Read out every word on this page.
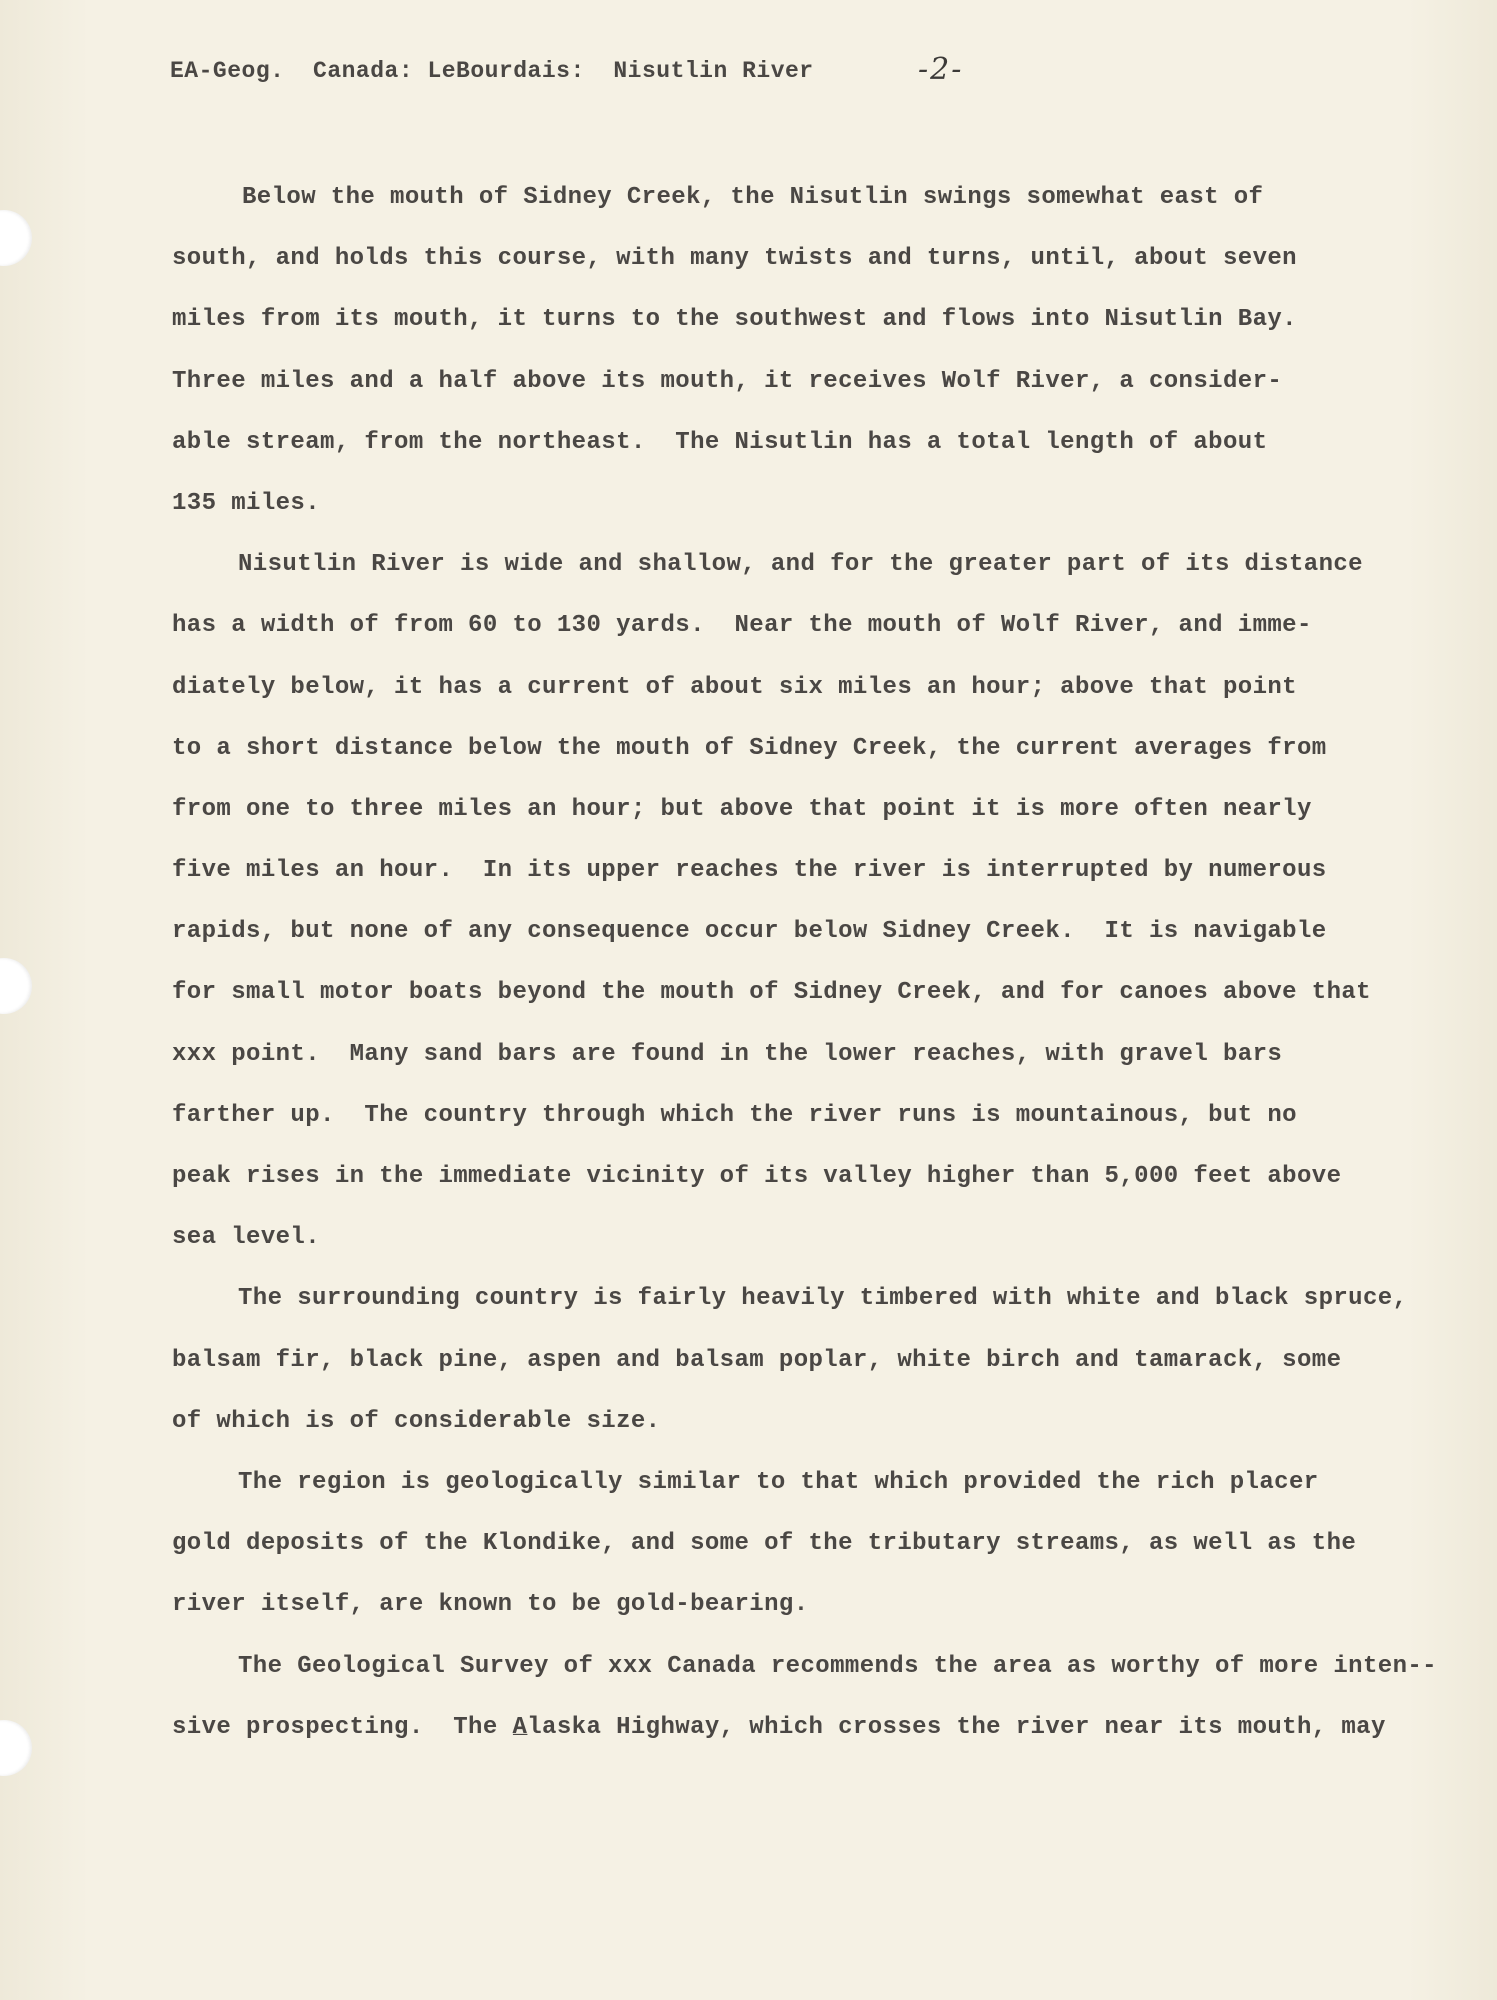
EA-Geog.  Canada: LeBourdais:  Nisutlin River	-2-
Below the mouth of Sidney Creek, the Nisutlin swings somewhat east of
south, and holds this course, with many twists and turns, until, about seven
miles from its mouth, it turns to the southwest and flows into Nisutlin Bay.
Three miles and a half above its mouth, it receives Wolf River, a consider-
able stream, from the northeast.  The Nisutlin has a total length of about
135 miles.
Nisutlin River is wide and shallow, and for the greater part of its distance
has a width of from 60 to 130 yards.  Near the mouth of Wolf River, and imme-
diately below, it has a current of about six miles an hour; above that point
to a short distance below the mouth of Sidney Creek, the current averages from
from one to three miles an hour; but above that point it is more often nearly
five miles an hour.  In its upper reaches the river is interrupted by numerous
rapids, but none of any consequence occur below Sidney Creek.  It is navigable
for small motor boats beyond the mouth of Sidney Creek, and for canoes above that
xxx point.  Many sand bars are found in the lower reaches, with gravel bars
farther up.  The country through which the river runs is mountainous, but no
peak rises in the immediate vicinity of its valley higher than 5,000 feet above
sea level.
The surrounding country is fairly heavily timbered with white and black spruce,
balsam fir, black pine, aspen and balsam poplar, white birch and tamarack, some
of which is of considerable size.
The region is geologically similar to that which provided the rich placer
gold deposits of the Klondike, and some of the tributary streams, as well as the
river itself, are known to be gold-bearing.
The Geological Survey of xxx Canada recommends the area as worthy of more inten--
sive prospecting.  The A̲laska Highway, which crosses the river near its mouth, may
